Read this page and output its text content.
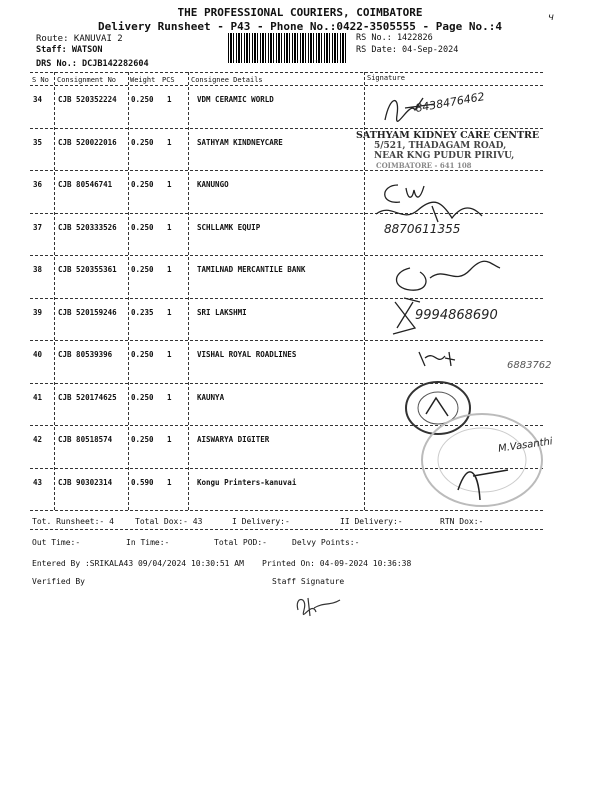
THE PROFESSIONAL COURIERS, COIMBATORE
Delivery Runsheet - P43 - Phone No.:0422-3505555 - Page No.:4
ч
Route: KANUVAI 2
Staff: WATSON
DRS No.: DCJB142282604
RS No.: 1422826
RS Date: 04-Sep-2024
S No Consignment No Weight PCS Consignee Details	Signature
34 CJB 520352224 0.250 1	VDM CERAMIC WORLD
35 CJB 520022016 0.250 1	SATHYAM KINDNEYCARE
36 CJB 80546741	0.250 1	KANUNGO
37 CJB 520333526 0.250 1	SCHLLAMK EQUIP
38 CJB 520355361 0.250 1	TAMILNAD MERCANTILE BANK
39 CJB 520159246 0.235 1	SRI LAKSHMI
40 CJB 80539396	0.250 1	VISHAL ROYAL ROADLINES
41 CJB 520174625 0.250 1	KAUNYA
42 CJB 80518574	0.250 1	AISWARYA DIGITER
43 CJB 90302314	0.590 1	Kongu Printers-kanuvai
8438476462
SATHYAM KIDNEY CARE CENTRE
5/521, THADAGAM ROAD,
NEAR KNG PUDUR PIRIVU,
COIMBATORE - 641 108
8870611355
9994868690
6883762
M.Vasanthi
Tot. Runsheet:- 4	Total Dox:- 43	I Delivery:-	II Delivery:-	RTN Dox:-
Out Time:-	In Time:-	Total POD:-	Delvy Points:-
Entered By :SRIKALA43 09/04/2024 10:30:51 AM Printed On: 04-09-2024 10:36:38
Verified By	Staff Signature
